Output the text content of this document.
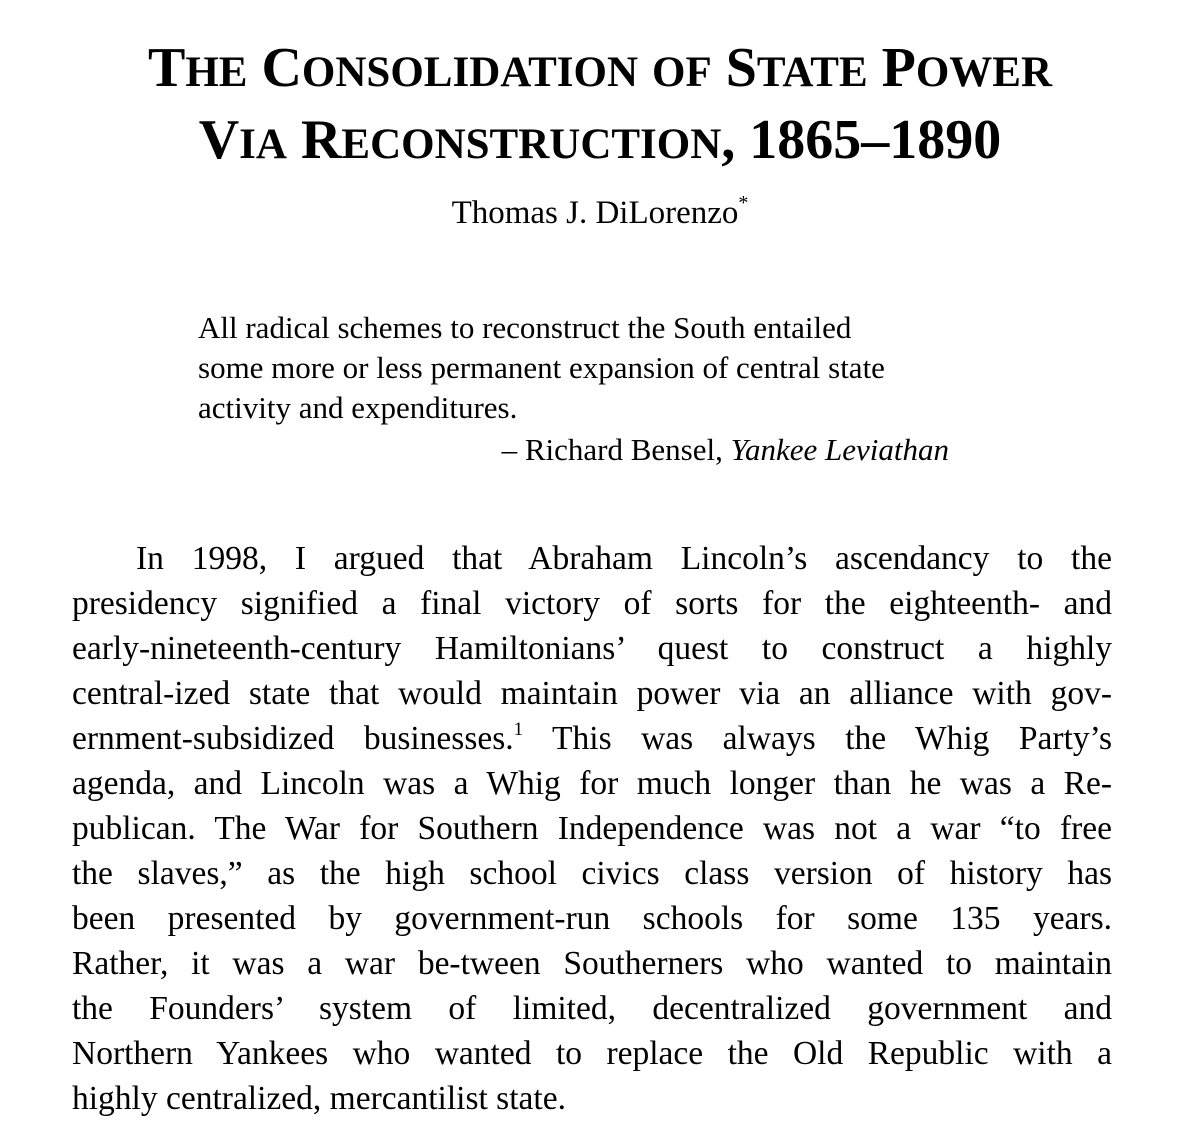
THE CONSOLIDATION OF STATE POWER
VIA RECONSTRUCTION, 1865–1890
Thomas J. DiLorenzo*
All radical schemes to reconstruct the South entailed
some more or less permanent expansion of central state
activity and expenditures.
– Richard Bensel, Yankee Leviathan
In 1998, I argued that Abraham Lincoln’s ascendancy to the
presidency signified a final victory of sorts for the eighteenth- and
early-nineteenth-century Hamiltonians’ quest to construct a highly
central-ized state that would maintain power via an alliance with gov-
ernment-subsidized businesses.$^1$ This was always the Whig Party’s
agenda, and Lincoln was a Whig for much longer than he was a Re-
publican. The War for Southern Independence was not a war “to free
the slaves,” as the high school civics class version of history has
been presented by government-run schools for some 135 years.
Rather, it was a war be-tween Southerners who wanted to maintain
the Founders’ system of limited, decentralized government and
Northern Yankees who wanted to replace the Old Republic with a
highly centralized, mercantilist state.
